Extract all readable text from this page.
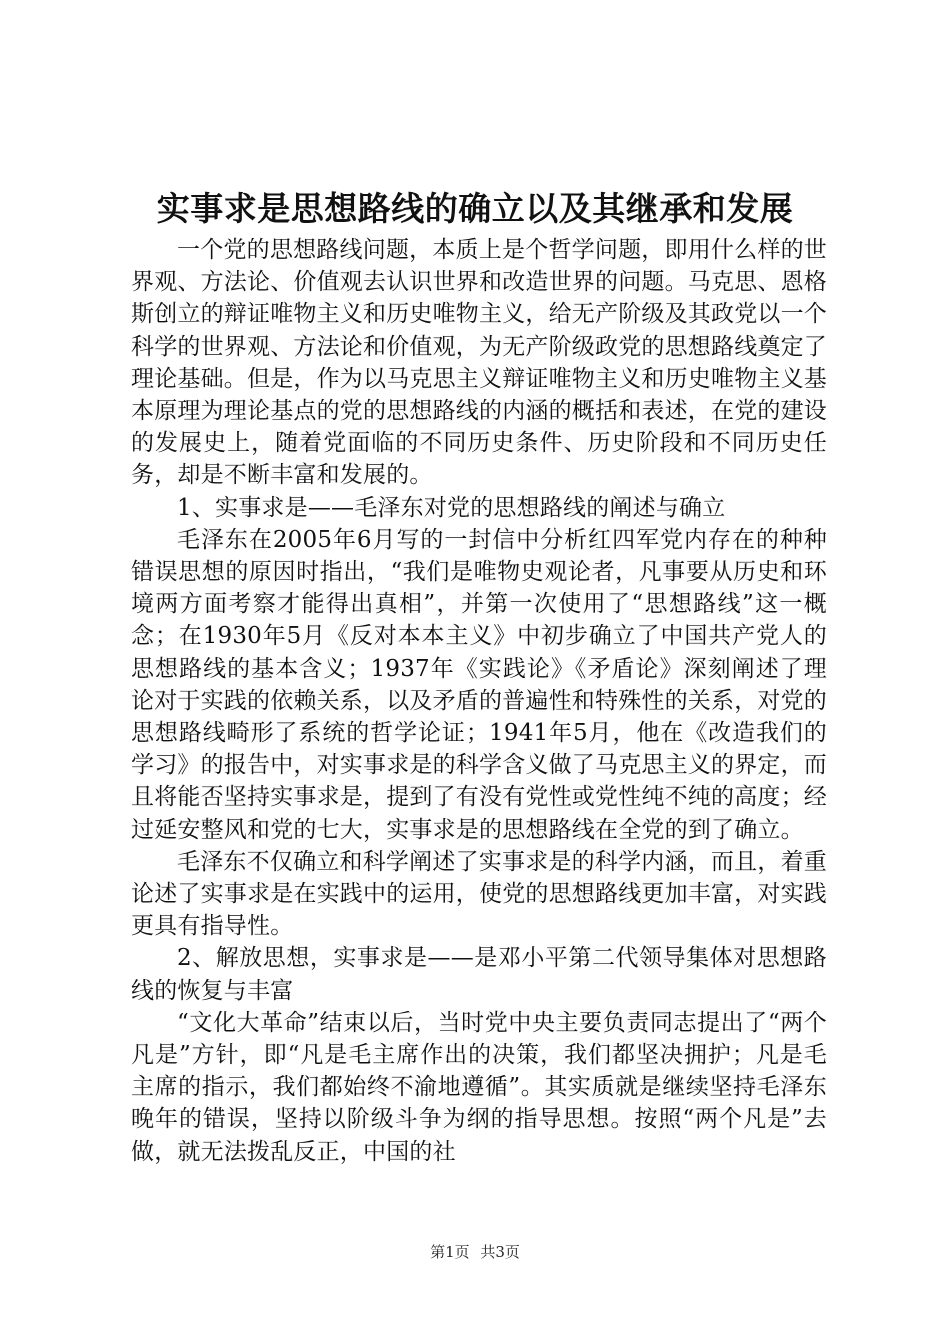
实事求是思想路线的确立以及其继承和发展

一个党的思想路线问题，本质上是个哲学问题，即用什么样的世界观、方法论、价值观去认识世界和改造世界的问题。马克思、恩格斯创立的辩证唯物主义和历史唯物主义，给无产阶级及其政党以一个科学的世界观、方法论和价值观，为无产阶级政党的思想路线奠定了理论基础。但是，作为以马克思主义辩证唯物主义和历史唯物主义基本原理为理论基点的党的思想路线的内涵的概括和表述，在党的建设的发展史上，随着党面临的不同历史条件、历史阶段和不同历史任务，却是不断丰富和发展的。

1、实事求是——毛泽东对党的思想路线的阐述与确立

毛泽东在2005年6月写的一封信中分析红四军党内存在的种种错误思想的原因时指出，“我们是唯物史观论者，凡事要从历史和环境两方面考察才能得出真相”，并第一次使用了“思想路线”这一概念；在1930年5月《反对本本主义》中初步确立了中国共产党人的思想路线的基本含义；1937年《实践论》《矛盾论》深刻阐述了理论对于实践的依赖关系，以及矛盾的普遍性和特殊性的关系，对党的思想路线畸形了系统的哲学论证；1941年5月，他在《改造我们的学习》的报告中，对实事求是的科学含义做了马克思主义的界定，而且将能否坚持实事求是，提到了有没有党性或党性纯不纯的高度；经过延安整风和党的七大，实事求是的思想路线在全党的到了确立。

毛泽东不仅确立和科学阐述了实事求是的科学内涵，而且，着重论述了实事求是在实践中的运用，使党的思想路线更加丰富，对实践更具有指导性。

2、解放思想，实事求是——是邓小平第二代领导集体对思想路线的恢复与丰富

“文化大革命”结束以后，当时党中央主要负责同志提出了“两个凡是”方针，即“凡是毛主席作出的决策，我们都坚决拥护；凡是毛主席的指示，我们都始终不渝地遵循”。其实质就是继续坚持毛泽东晚年的错误，坚持以阶级斗争为纲的指导思想。按照“两个凡是”去做，就无法拨乱反正，中国的社

第1页 共3页
